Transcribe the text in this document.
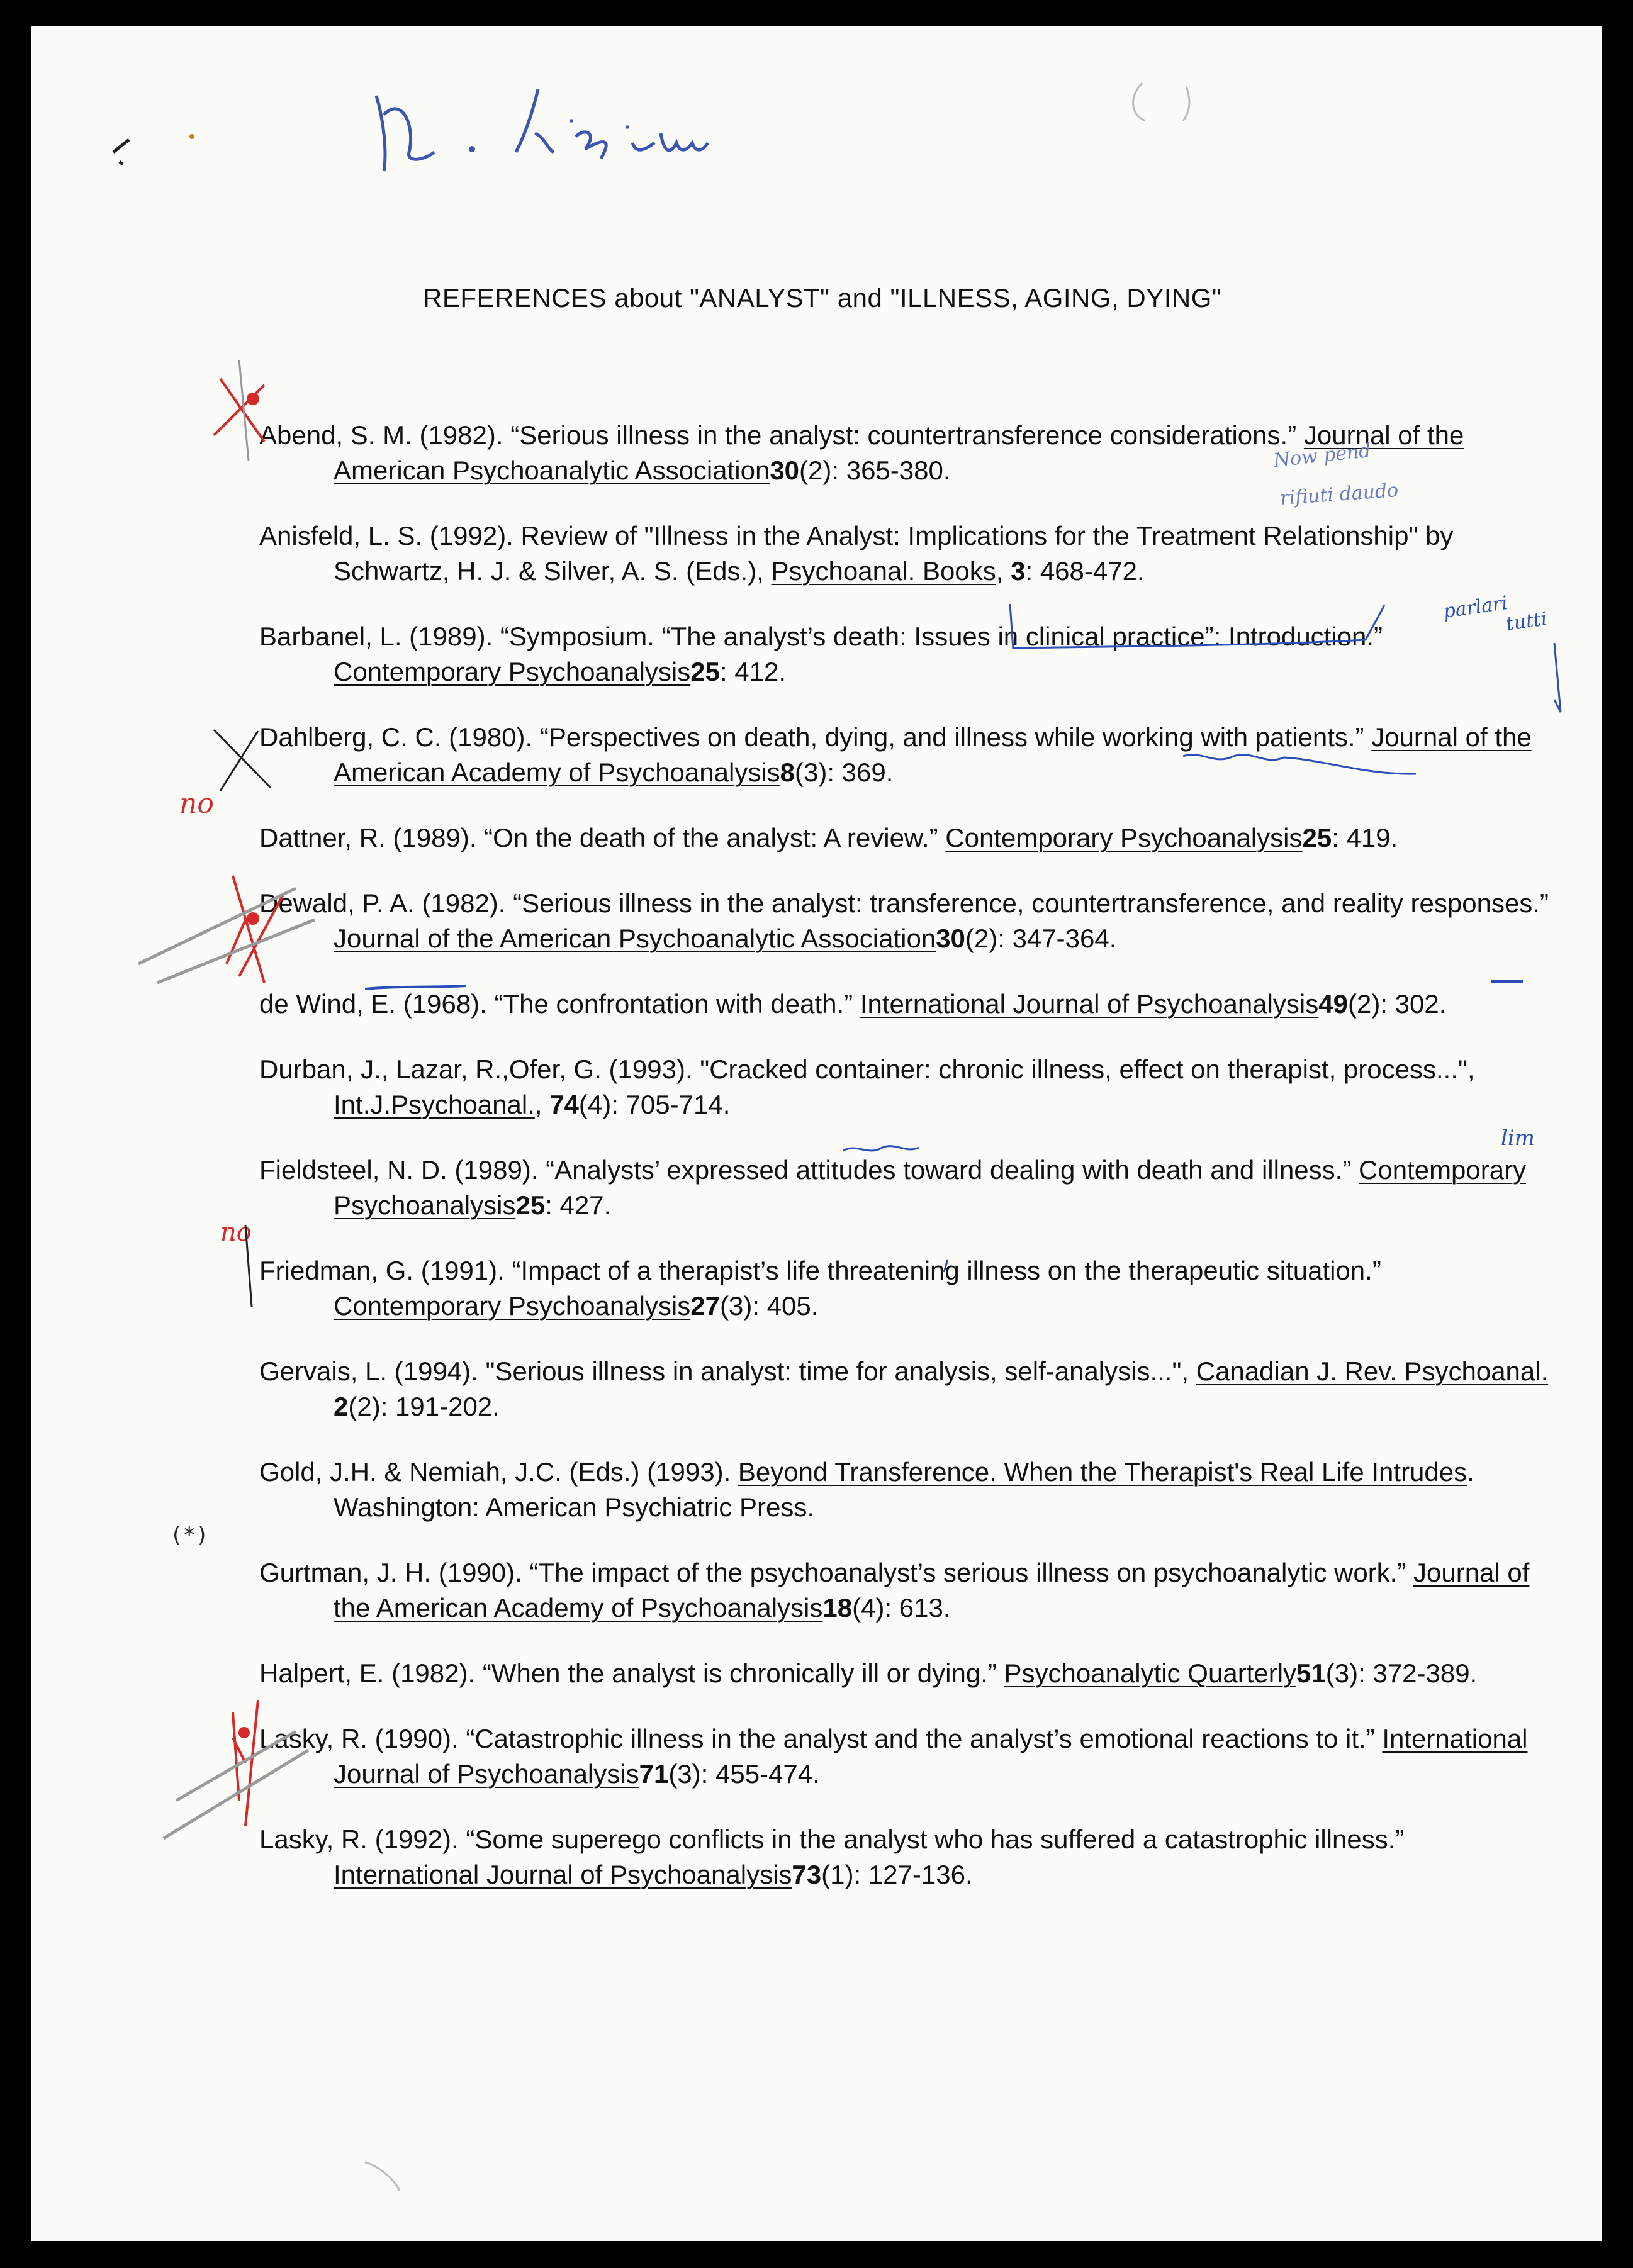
REFERENCES about "ANALYST" and "ILLNESS, AGING, DYING"

Abend, S. M. (1982). “Serious illness in the analyst: countertransference considerations.” Journal of the American Psychoanalytic Association30(2): 365-380.

Anisfeld, L. S. (1992). Review of "Illness in the Analyst: Implications for the Treatment Relationship" by Schwartz, H. J. & Silver, A. S. (Eds.), Psychoanal. Books, 3: 468-472.

Barbanel, L. (1989). “Symposium. “The analyst’s death: Issues in clinical practice”: Introduction.” Contemporary Psychoanalysis25: 412.

Dahlberg, C. C. (1980). “Perspectives on death, dying, and illness while working with patients.” Journal of the American Academy of Psychoanalysis8(3): 369.

Dattner, R. (1989). “On the death of the analyst: A review.” Contemporary Psychoanalysis25: 419.

Dewald, P. A. (1982). “Serious illness in the analyst: transference, countertransference, and reality responses.” Journal of the American Psychoanalytic Association30(2): 347-364.

de Wind, E. (1968). “The confrontation with death.” International Journal of Psychoanalysis49(2): 302.

Durban, J., Lazar, R.,Ofer, G. (1993). "Cracked container: chronic illness, effect on therapist, process...", Int.J.Psychoanal., 74(4): 705-714.

Fieldsteel, N. D. (1989). “Analysts’ expressed attitudes toward dealing with death and illness.” Contemporary Psychoanalysis25: 427.

Friedman, G. (1991). “Impact of a therapist’s life threatening illness on the therapeutic situation.” Contemporary Psychoanalysis27(3): 405.

Gervais, L. (1994). "Serious illness in analyst: time for analysis, self-analysis...", Canadian J. Rev. Psychoanal. 2(2): 191-202.

Gold, J.H. & Nemiah, J.C. (Eds.) (1993). Beyond Transference. When the Therapist's Real Life Intrudes. Washington: American Psychiatric Press.

Gurtman, J. H. (1990). “The impact of the psychoanalyst’s serious illness on psychoanalytic work.” Journal of the American Academy of Psychoanalysis18(4): 613.

Halpert, E. (1982). “When the analyst is chronically ill or dying.” Psychoanalytic Quarterly51(3): 372-389.

Lasky, R. (1990). “Catastrophic illness in the analyst and the analyst’s emotional reactions to it.” International Journal of Psychoanalysis71(3): 455-474.

Lasky, R. (1992). “Some superego conflicts in the analyst who has suffered a catastrophic illness.” International Journal of Psychoanalysis73(1): 127-136.

no
no
lim
Now pend
rifiuti daudo
parlari
tutti
(*)
